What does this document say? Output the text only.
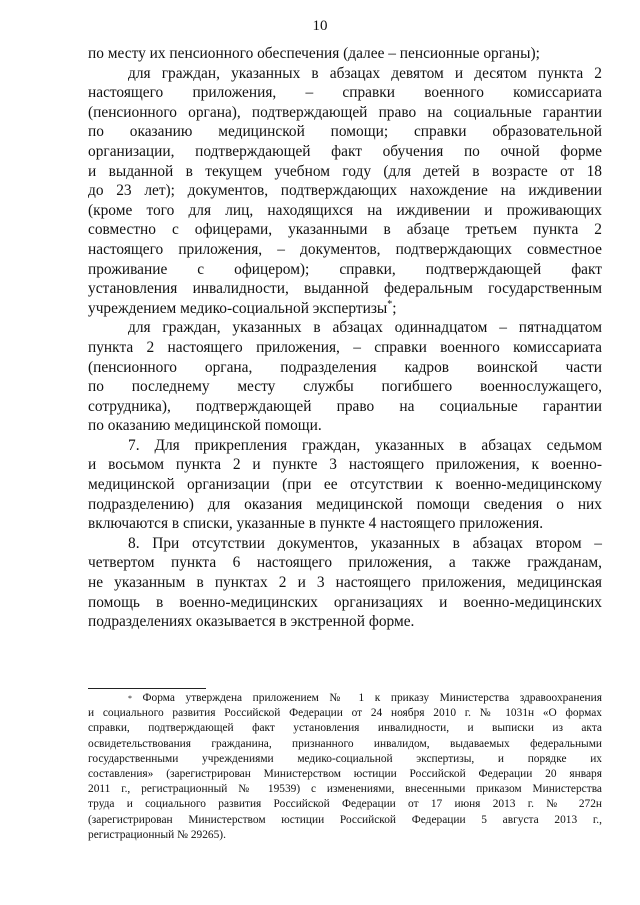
10
по месту их пенсионного обеспечения (далее – пенсионные органы);
для граждан, указанных в абзацах девятом и десятом пункта 2
настоящего приложения, – справки военного комиссариата
(пенсионного органа), подтверждающей право на социальные гарантии
по оказанию медицинской помощи; справки образовательной
организации, подтверждающей факт обучения по очной форме
и выданной в текущем учебном году (для детей в возрасте от 18
до 23 лет); документов, подтверждающих нахождение на иждивении
(кроме того для лиц, находящихся на иждивении и проживающих
совместно с офицерами, указанными в абзаце третьем пункта 2
настоящего приложения, – документов, подтверждающих совместное
проживание с офицером); справки, подтверждающей факт
установления инвалидности, выданной федеральным государственным
учреждением медико-социальной экспертизы*;
для граждан, указанных в абзацах одиннадцатом – пятнадцатом
пункта 2 настоящего приложения, – справки военного комиссариата
(пенсионного органа, подразделения кадров воинской части
по последнему месту службы погибшего военнослужащего,
сотрудника), подтверждающей право на социальные гарантии
по оказанию медицинской помощи.
7. Для прикрепления граждан, указанных в абзацах седьмом
и восьмом пункта 2 и пункте 3 настоящего приложения, к военно-
медицинской организации (при ее отсутствии к военно-медицинскому
подразделению) для оказания медицинской помощи сведения о них
включаются в списки, указанные в пункте 4 настоящего приложения.
8. При отсутствии документов, указанных в абзацах втором –
четвертом пункта 6 настоящего приложения, а также гражданам,
не указанным в пунктах 2 и 3 настоящего приложения, медицинская
помощь в военно-медицинских организациях и военно-медицинских
подразделениях оказывается в экстренной форме.
* Форма утверждена приложением № 1 к приказу Министерства здравоохранения
и социального развития Российской Федерации от 24 ноября 2010 г. № 1031н «О формах
справки, подтверждающей факт установления инвалидности, и выписки из акта
освидетельствования гражданина, признанного инвалидом, выдаваемых федеральными
государственными учреждениями медико-социальной экспертизы, и порядке их
составления» (зарегистрирован Министерством юстиции Российской Федерации 20 января
2011 г., регистрационный № 19539) с изменениями, внесенными приказом Министерства
труда и социального развития Российской Федерации от 17 июня 2013 г. № 272н
(зарегистрирован Министерством юстиции Российской Федерации 5 августа 2013 г.,
регистрационный № 29265).
